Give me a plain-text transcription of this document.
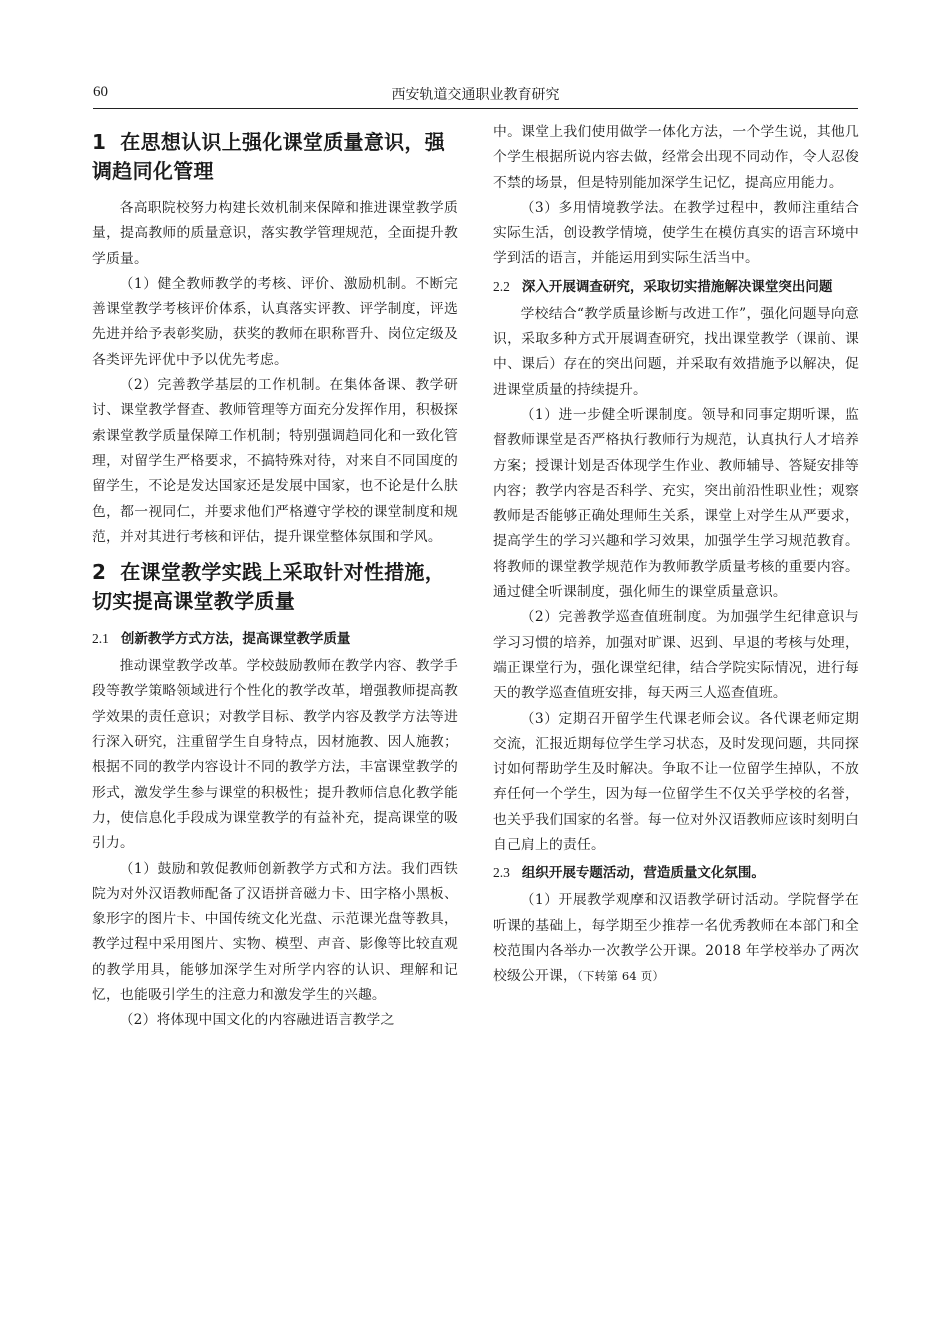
60	西安轨道交通职业教育研究
1 在思想认识上强化课堂质量意识，强调趋同化管理

各高职院校努力构建长效机制来保障和推进课堂教学质量，提高教师的质量意识，落实教学管理规范，全面提升教学质量。

（1）健全教师教学的考核、评价、激励机制。不断完善课堂教学考核评价体系，认真落实评教、评学制度，评选先进并给予表彰奖励，获奖的教师在职称晋升、岗位定级及各类评先评优中予以优先考虑。

（2）完善教学基层的工作机制。在集体备课、教学研讨、课堂教学督查、教师管理等方面充分发挥作用，积极探索课堂教学质量保障工作机制；特别强调趋同化和一致化管理，对留学生严格要求，不搞特殊对待，对来自不同国度的留学生，不论是发达国家还是发展中国家，也不论是什么肤色，都一视同仁，并要求他们严格遵守学校的课堂制度和规范，并对其进行考核和评估，提升课堂整体氛围和学风。

2 在课堂教学实践上采取针对性措施，切实提高课堂教学质量
2.1 创新教学方式方法，提高课堂教学质量

推动课堂教学改革。学校鼓励教师在教学内容、教学手段等教学策略领域进行个性化的教学改革，增强教师提高教学效果的责任意识；对教学目标、教学内容及教学方法等进行深入研究，注重留学生自身特点，因材施教、因人施教；根据不同的教学内容设计不同的教学方法，丰富课堂教学的形式，激发学生参与课堂的积极性；提升教师信息化教学能力，使信息化手段成为课堂教学的有益补充，提高课堂的吸引力。

（1）鼓励和敦促教师创新教学方式和方法。我们西铁院为对外汉语教师配备了汉语拼音磁力卡、田字格小黑板、象形字的图片卡、中国传统文化光盘、示范课光盘等教具，教学过程中采用图片、实物、模型、声音、影像等比较直观的教学用具，能够加深学生对所学内容的认识、理解和记忆，也能吸引学生的注意力和激发学生的兴趣。

（2）将体现中国文化的内容融进语言教学之

中。课堂上我们使用做学一体化方法，一个学生说，其他几个学生根据所说内容去做，经常会出现不同动作，令人忍俊不禁的场景，但是特别能加深学生记忆，提高应用能力。

（3）多用情境教学法。在教学过程中，教师注重结合实际生活，创设教学情境，使学生在模仿真实的语言环境中学到活的语言，并能运用到实际生活当中。

2.2 深入开展调查研究，采取切实措施解决课堂突出问题

学校结合“教学质量诊断与改进工作”，强化问题导向意识，采取多种方式开展调查研究，找出课堂教学（课前、课中、课后）存在的突出问题，并采取有效措施予以解决，促进课堂质量的持续提升。

（1）进一步健全听课制度。领导和同事定期听课，监督教师课堂是否严格执行教师行为规范，认真执行人才培养方案；授课计划是否体现学生作业、教师辅导、答疑安排等内容；教学内容是否科学、充实，突出前沿性职业性；观察教师是否能够正确处理师生关系，课堂上对学生从严要求，提高学生的学习兴趣和学习效果，加强学生学习规范教育。将教师的课堂教学规范作为教师教学质量考核的重要内容。通过健全听课制度，强化师生的课堂质量意识。

（2）完善教学巡查值班制度。为加强学生纪律意识与学习习惯的培养，加强对旷课、迟到、早退的考核与处理，端正课堂行为，强化课堂纪律，结合学院实际情况，进行每天的教学巡查值班安排，每天两三人巡查值班。

（3）定期召开留学生代课老师会议。各代课老师定期交流，汇报近期每位学生学习状态，及时发现问题，共同探讨如何帮助学生及时解决。争取不让一位留学生掉队，不放弃任何一个学生，因为每一位留学生不仅关乎学校的名誉，也关乎我们国家的名誉。每一位对外汉语教师应该时刻明白自己肩上的责任。

2.3 组织开展专题活动，营造质量文化氛围。

（1）开展教学观摩和汉语教学研讨活动。学院督学在听课的基础上，每学期至少推荐一名优秀教师在本部门和全校范围内各举办一次教学公开课。2018 年学校举办了两次校级公开课，（下转第 64 页）
